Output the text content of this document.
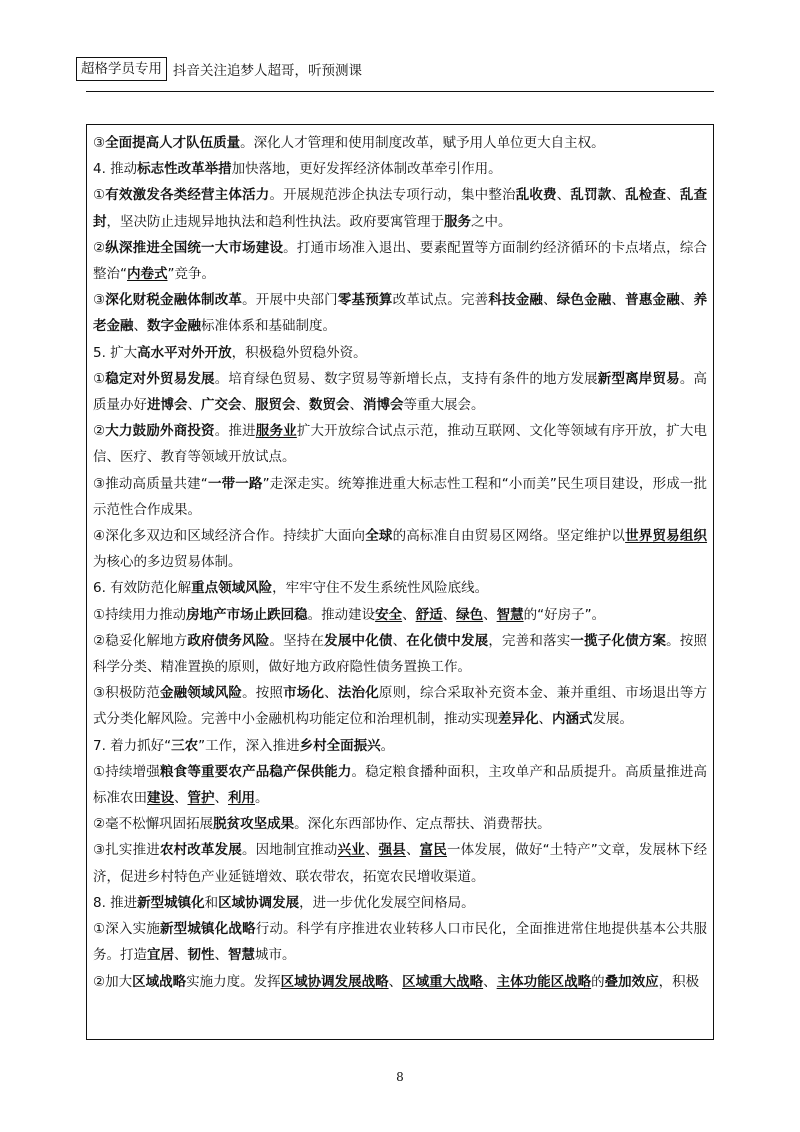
超格学员专用 抖音关注追梦人超哥，听预测课
③全面提高人才队伍质量。深化人才管理和使用制度改革，赋予用人单位更大自主权。
4. 推动标志性改革举措加快落地，更好发挥经济体制改革牵引作用。
①有效激发各类经营主体活力。开展规范涉企执法专项行动，集中整治乱收费、乱罚款、乱检查、乱查封，坚决防止违规异地执法和趋利性执法。政府要寓管理于服务之中。
②纵深推进全国统一大市场建设。打通市场准入退出、要素配置等方面制约经济循环的卡点堵点，综合整治“内卷式”竞争。
③深化财税金融体制改革。开展中央部门零基预算改革试点。完善科技金融、绿色金融、普惠金融、养老金融、数字金融标准体系和基础制度。
5. 扩大高水平对外开放，积极稳外贸稳外资。
①稳定对外贸易发展。培育绿色贸易、数字贸易等新增长点，支持有条件的地方发展新型离岸贸易。高质量办好进博会、广交会、服贸会、数贸会、消博会等重大展会。
②大力鼓励外商投资。推进服务业扩大开放综合试点示范，推动互联网、文化等领域有序开放，扩大电信、医疗、教育等领域开放试点。
③推动高质量共建“一带一路”走深走实。统筹推进重大标志性工程和“小而美”民生项目建设，形成一批示范性合作成果。
④深化多双边和区域经济合作。持续扩大面向全球的高标准自由贸易区网络。坚定维护以世界贸易组织为核心的多边贸易体制。
6. 有效防范化解重点领域风险，牢牢守住不发生系统性风险底线。
①持续用力推动房地产市场止跌回稳。推动建设安全、舒适、绿色、智慧的“好房子”。
②稳妥化解地方政府债务风险。坚持在发展中化债、在化债中发展，完善和落实一揽子化债方案。按照科学分类、精准置换的原则，做好地方政府隐性债务置换工作。
③积极防范金融领域风险。按照市场化、法治化原则，综合采取补充资本金、兼并重组、市场退出等方式分类化解风险。完善中小金融机构功能定位和治理机制，推动实现差异化、内涵式发展。
7. 着力抓好“三农”工作，深入推进乡村全面振兴。
①持续增强粮食等重要农产品稳产保供能力。稳定粮食播种面积，主攻单产和品质提升。高质量推进高标准农田建设、管护、利用。
②毫不松懈巩固拓展脱贫攻坚成果。深化东西部协作、定点帮扶、消费帮扶。
③扎实推进农村改革发展。因地制宜推动兴业、强县、富民一体发展，做好“土特产”文章，发展林下经济，促进乡村特色产业延链增效、联农带农，拓宽农民增收渠道。
8. 推进新型城镇化和区域协调发展，进一步优化发展空间格局。
①深入实施新型城镇化战略行动。科学有序推进农业转移人口市民化，全面推进常住地提供基本公共服务。打造宜居、韧性、智慧城市。
②加大区域战略实施力度。发挥区域协调发展战略、区域重大战略、主体功能区战略的叠加效应，积极
8
